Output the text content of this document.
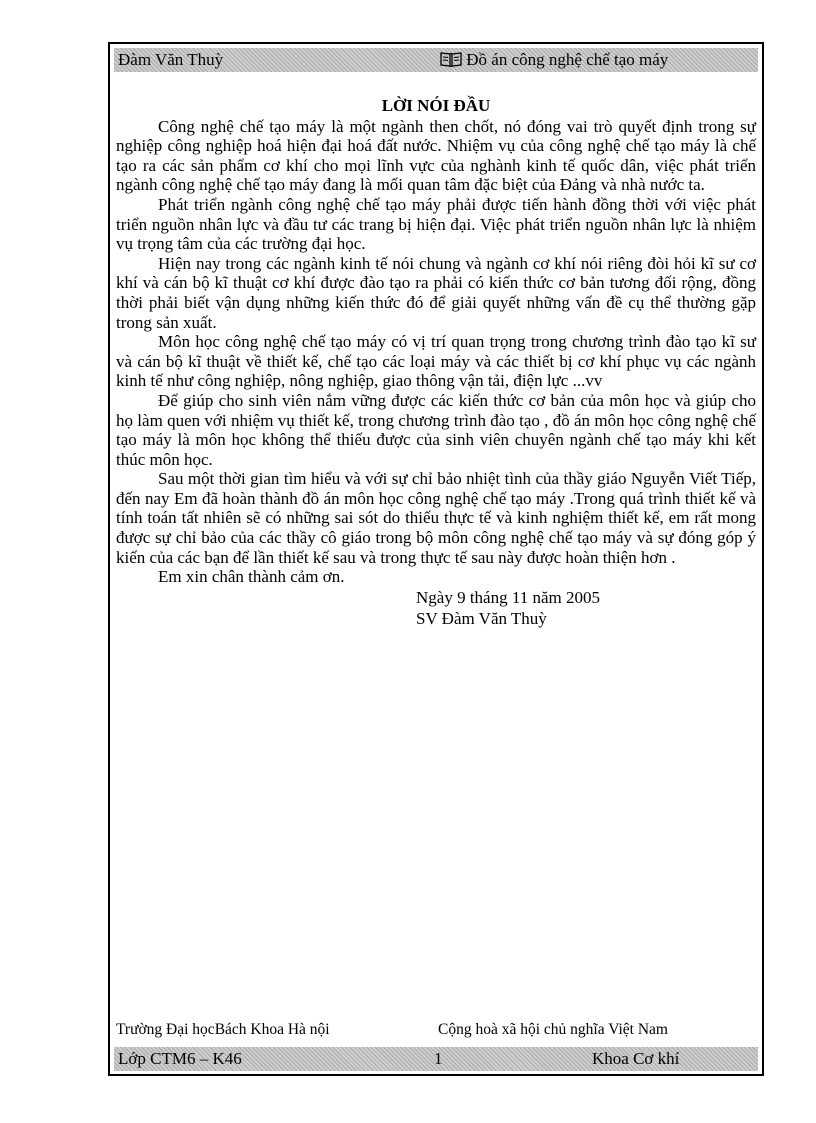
Đàm Văn Thuỳ	Đồ án công nghệ chế tạo máy

LỜI NÓI ĐẦU

Công nghệ chế tạo máy là một ngành then chốt, nó đóng vai trò quyết định trong sự nghiệp công nghiệp hoá hiện đại hoá đất nước. Nhiệm vụ của công nghệ chế tạo máy là chế tạo ra các sản phẩm cơ khí cho mọi lĩnh vực của nghành kinh tế quốc dân, việc phát triển ngành công nghệ chế tạo máy đang là mối quan tâm đặc biệt của Đảng và nhà nước ta.

Phát triển ngành công nghệ chế tạo máy phải được tiến hành đồng thời với việc phát triển nguồn nhân lực và đầu tư các trang bị hiện đại. Việc phát triển nguồn nhân lực là nhiệm vụ trọng tâm của các trường đại học.

Hiện nay trong các ngành kinh tế nói chung và ngành cơ khí nói riêng đòi hỏi kĩ sư cơ khí và cán bộ kĩ thuật cơ khí được đào tạo ra phải có kiến thức cơ bản tương đối rộng, đồng thời phải biết vận dụng những kiến thức đó để giải quyết những vấn đề cụ thể thường gặp trong sản xuất.

Môn học công nghệ chế tạo máy có vị trí quan trọng trong chương trình đào tạo kĩ sư và cán bộ kĩ thuật về thiết kế, chế tạo các loại máy và các thiết bị cơ khí phục vụ các ngành kinh tế như công nghiệp, nông nghiệp, giao thông vận tải, điện lực ...vv

Để giúp cho sinh viên nắm vững được các kiến thức cơ bản của môn học và giúp cho họ làm quen với nhiệm vụ thiết kế, trong chương trình đào tạo , đồ án môn học công nghệ chế tạo máy là môn học không thể thiếu được của sinh viên chuyên ngành chế tạo máy khi kết thúc môn học.

Sau một thời gian tìm hiểu và với sự chỉ bảo nhiệt tình của thầy giáo Nguyễn Viết Tiếp, đến nay Em đã hoàn thành đồ án môn học công nghệ chế tạo máy .Trong quá trình thiết kế và tính toán tất nhiên sẽ có những sai sót do thiếu thực tế và kinh nghiệm thiết kế, em rất mong được sự chỉ bảo của các thầy cô giáo trong bộ môn công nghệ chế tạo máy và sự đóng góp ý kiến của các bạn để lần thiết kế sau và trong thực tế sau này được hoàn thiện hơn .

Em xin chân thành cảm ơn.

Ngày 9 tháng 11 năm 2005

SV Đàm Văn Thuỳ

Trường Đại họcBách Khoa Hà nội	Cộng hoà xã hội chủ nghĩa Việt Nam
Lớp CTM6 – K46	1	Khoa Cơ khí
